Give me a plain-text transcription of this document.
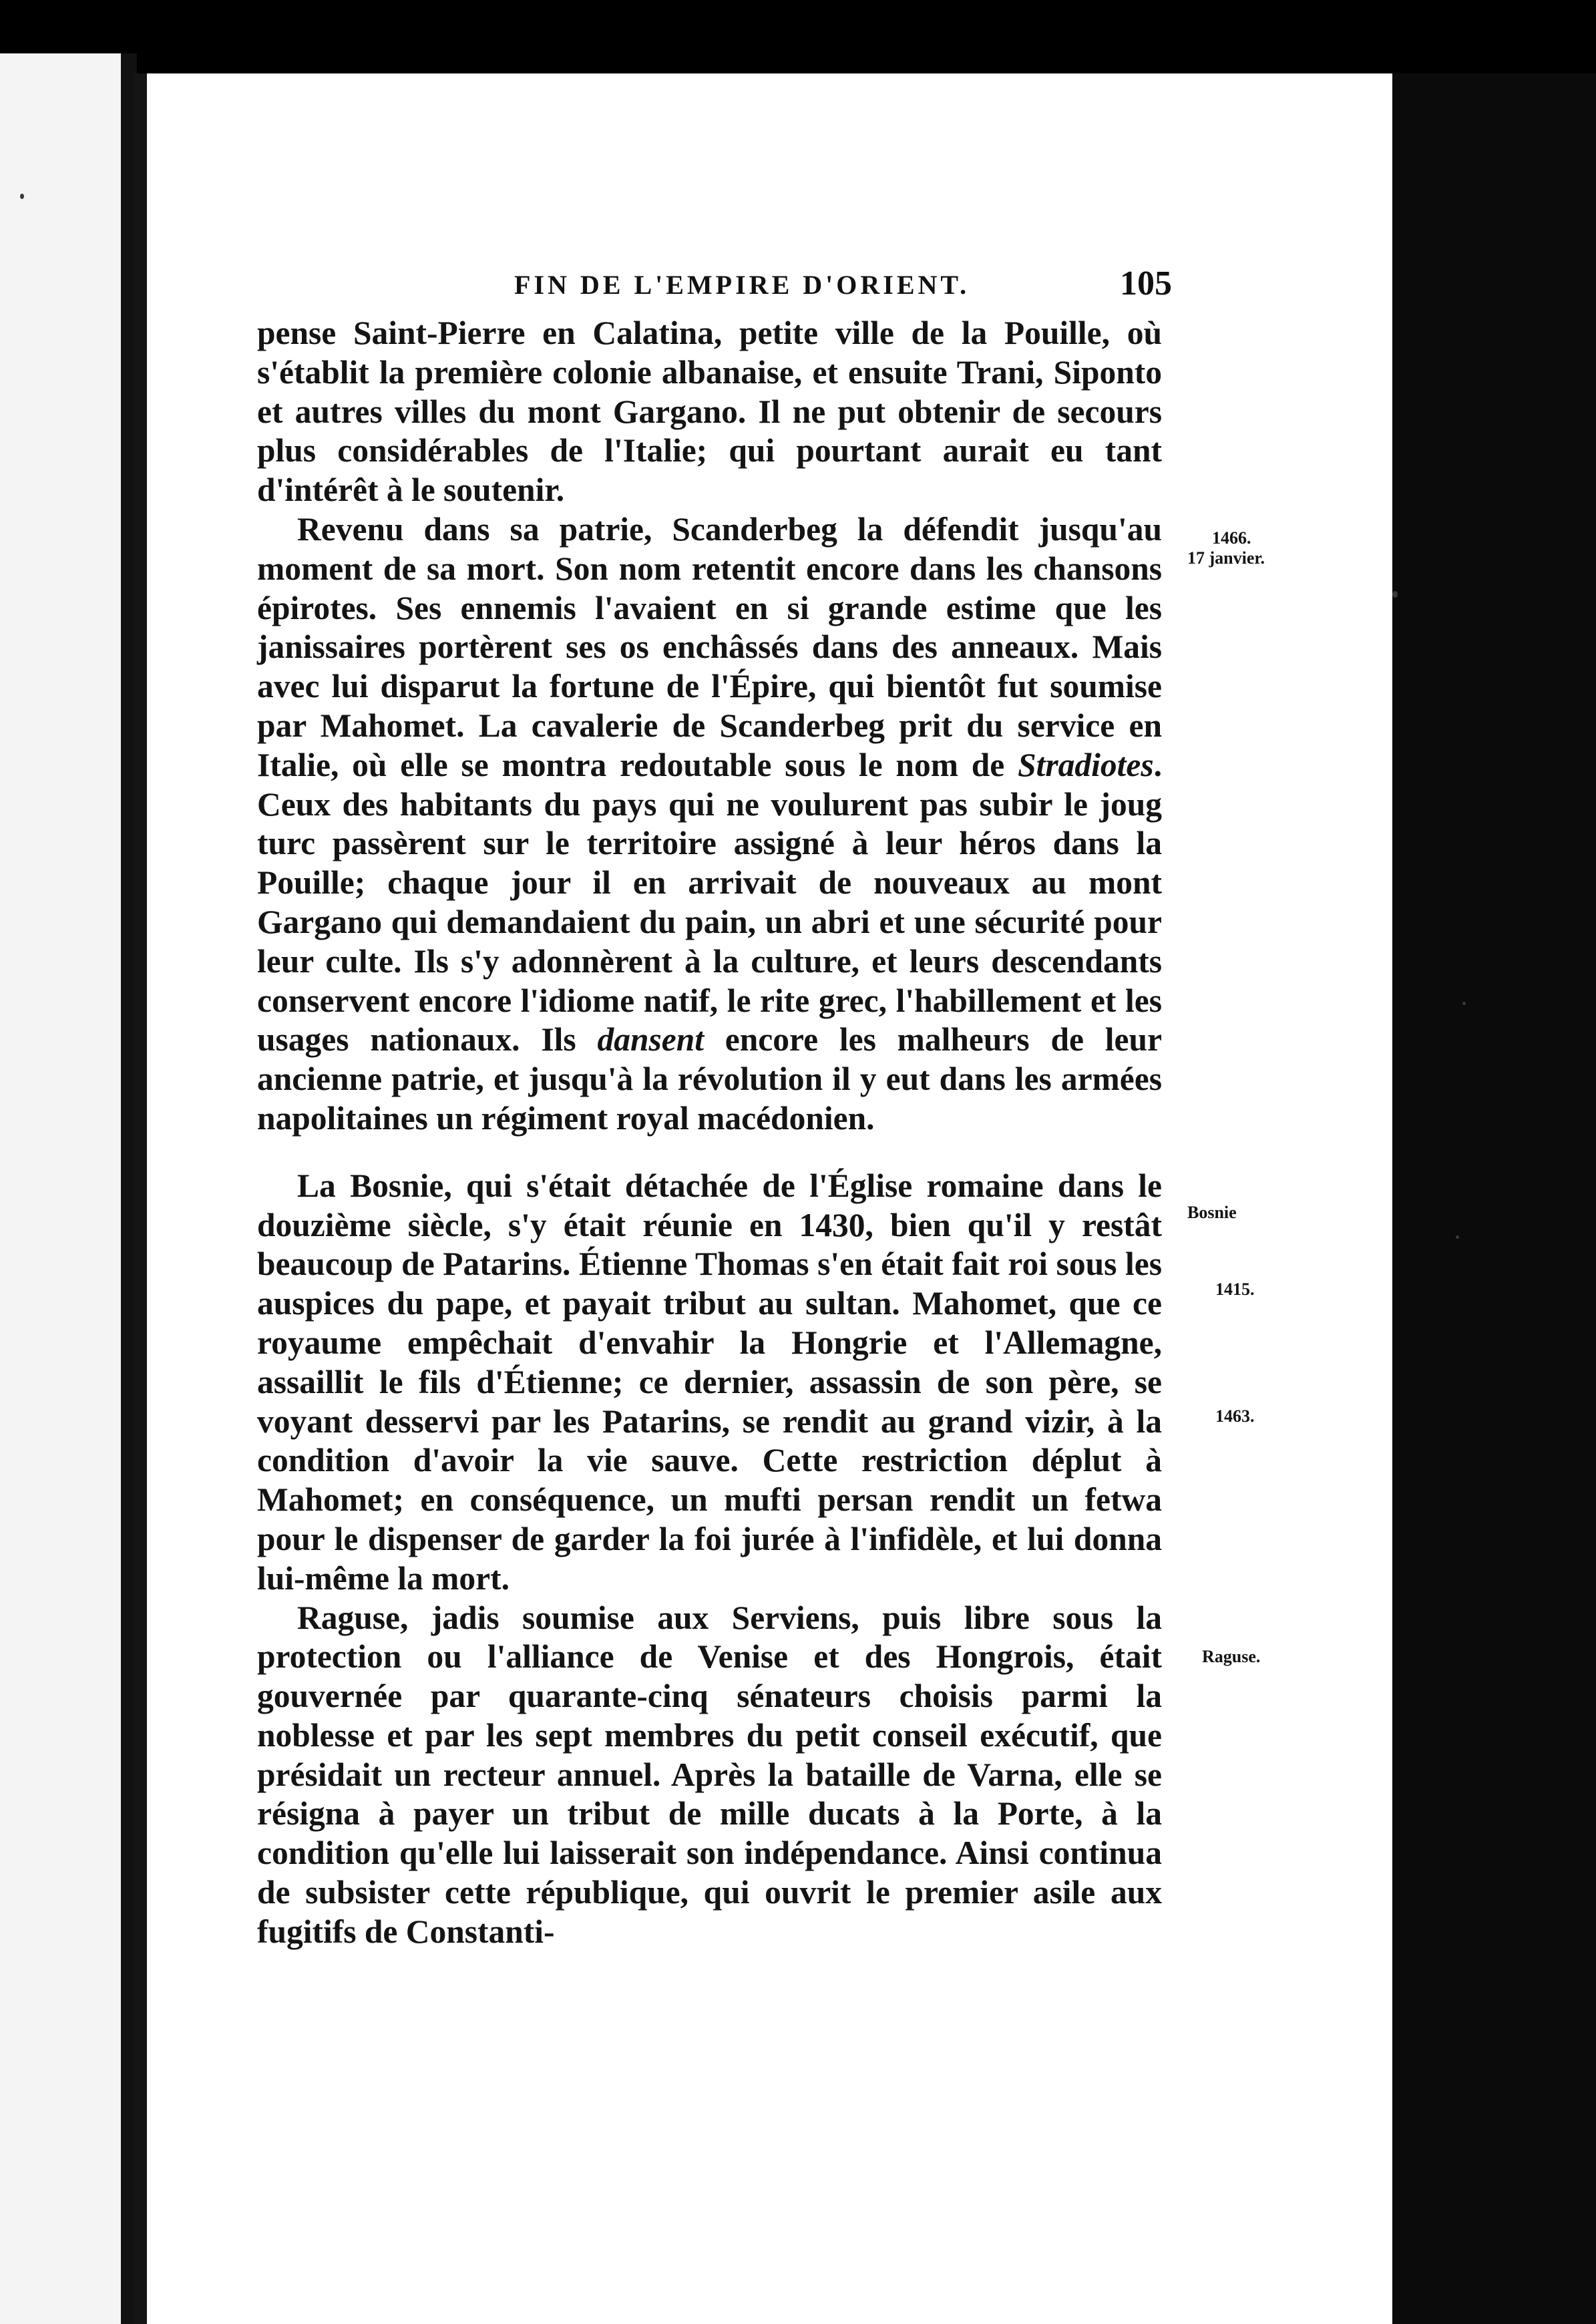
FIN DE L'EMPIRE D'ORIENT.	105

pense Saint-Pierre en Calatina, petite ville de la Pouille, où s'établit la première colonie albanaise, et ensuite Trani, Siponto et autres villes du mont Gargano. Il ne put obtenir de secours plus considérables de l'Italie; qui pourtant aurait eu tant d'intérêt à le soutenir.

Revenu dans sa patrie, Scanderbeg la défendit jusqu'au moment de sa mort. Son nom retentit encore dans les chansons épirotes. Ses ennemis l'avaient en si grande estime que les janissaires portèrent ses os enchâssés dans des anneaux. Mais avec lui disparut la fortune de l'Épire, qui bientôt fut soumise par Mahomet. La cavalerie de Scanderbeg prit du service en Italie, où elle se montra redoutable sous le nom de Stradiotes. Ceux des habitants du pays qui ne voulurent pas subir le joug turc passèrent sur le territoire assigné à leur héros dans la Pouille; chaque jour il en arrivait de nouveaux au mont Gargano qui demandaient du pain, un abri et une sécurité pour leur culte. Ils s'y adonnèrent à la culture, et leurs descendants conservent encore l'idiome natif, le rite grec, l'habillement et les usages nationaux. Ils dansent encore les malheurs de leur ancienne patrie, et jusqu'à la révolution il y eut dans les armées napolitaines un régiment royal macédonien.

La Bosnie, qui s'était détachée de l'Église romaine dans le douzième siècle, s'y était réunie en 1430, bien qu'il y restât beaucoup de Patarins. Étienne Thomas s'en était fait roi sous les auspices du pape, et payait tribut au sultan. Mahomet, que ce royaume empêchait d'envahir la Hongrie et l'Allemagne, assaillit le fils d'Étienne; ce dernier, assassin de son père, se voyant desservi par les Patarins, se rendit au grand vizir, à la condition d'avoir la vie sauve. Cette restriction déplut à Mahomet; en conséquence, un mufti persan rendit un fetwa pour le dispenser de garder la foi jurée à l'infidèle, et lui donna lui-même la mort.

Raguse, jadis soumise aux Serviens, puis libre sous la protection ou l'alliance de Venise et des Hongrois, était gouvernée par quarante-cinq sénateurs choisis parmi la noblesse et par les sept membres du petit conseil exécutif, que présidait un recteur annuel. Après la bataille de Varna, elle se résigna à payer un tribut de mille ducats à la Porte, à la condition qu'elle lui laisserait son indépendance. Ainsi continua de subsister cette république, qui ouvrit le premier asile aux fugitifs de Constanti-

1466.
17 janvier.
Bosnie
1415.
1463.
Raguse.
